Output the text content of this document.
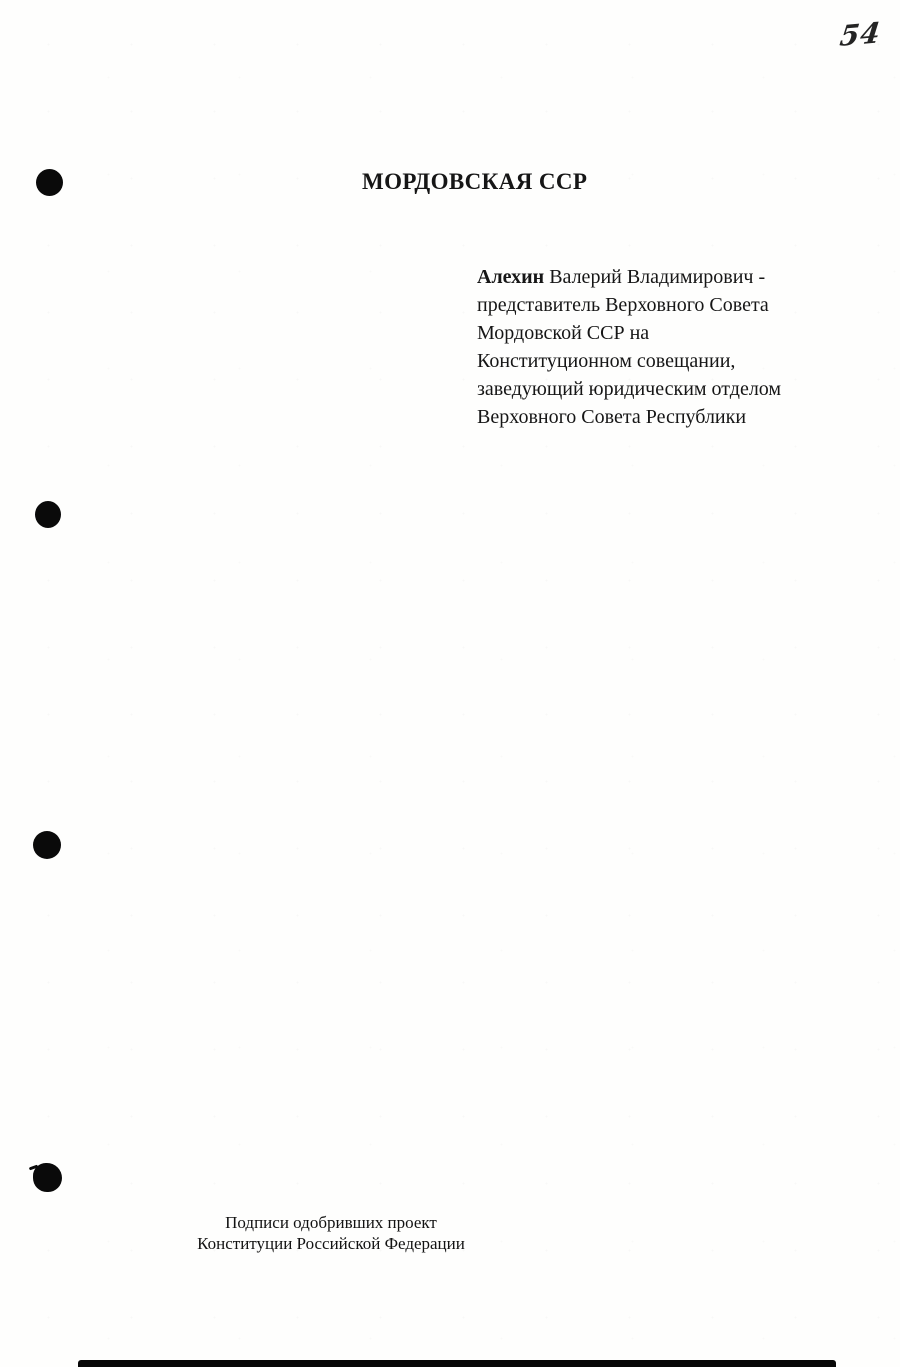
54
МОРДОВСКАЯ ССР
Алехин Валерий Владимирович -
представитель Верховного Совета
Мордовской ССР на
Конституционном совещании,
заведующий юридическим отделом
Верховного Совета Республики
Подписи одобривших проект
Конституции Российской Федерации
